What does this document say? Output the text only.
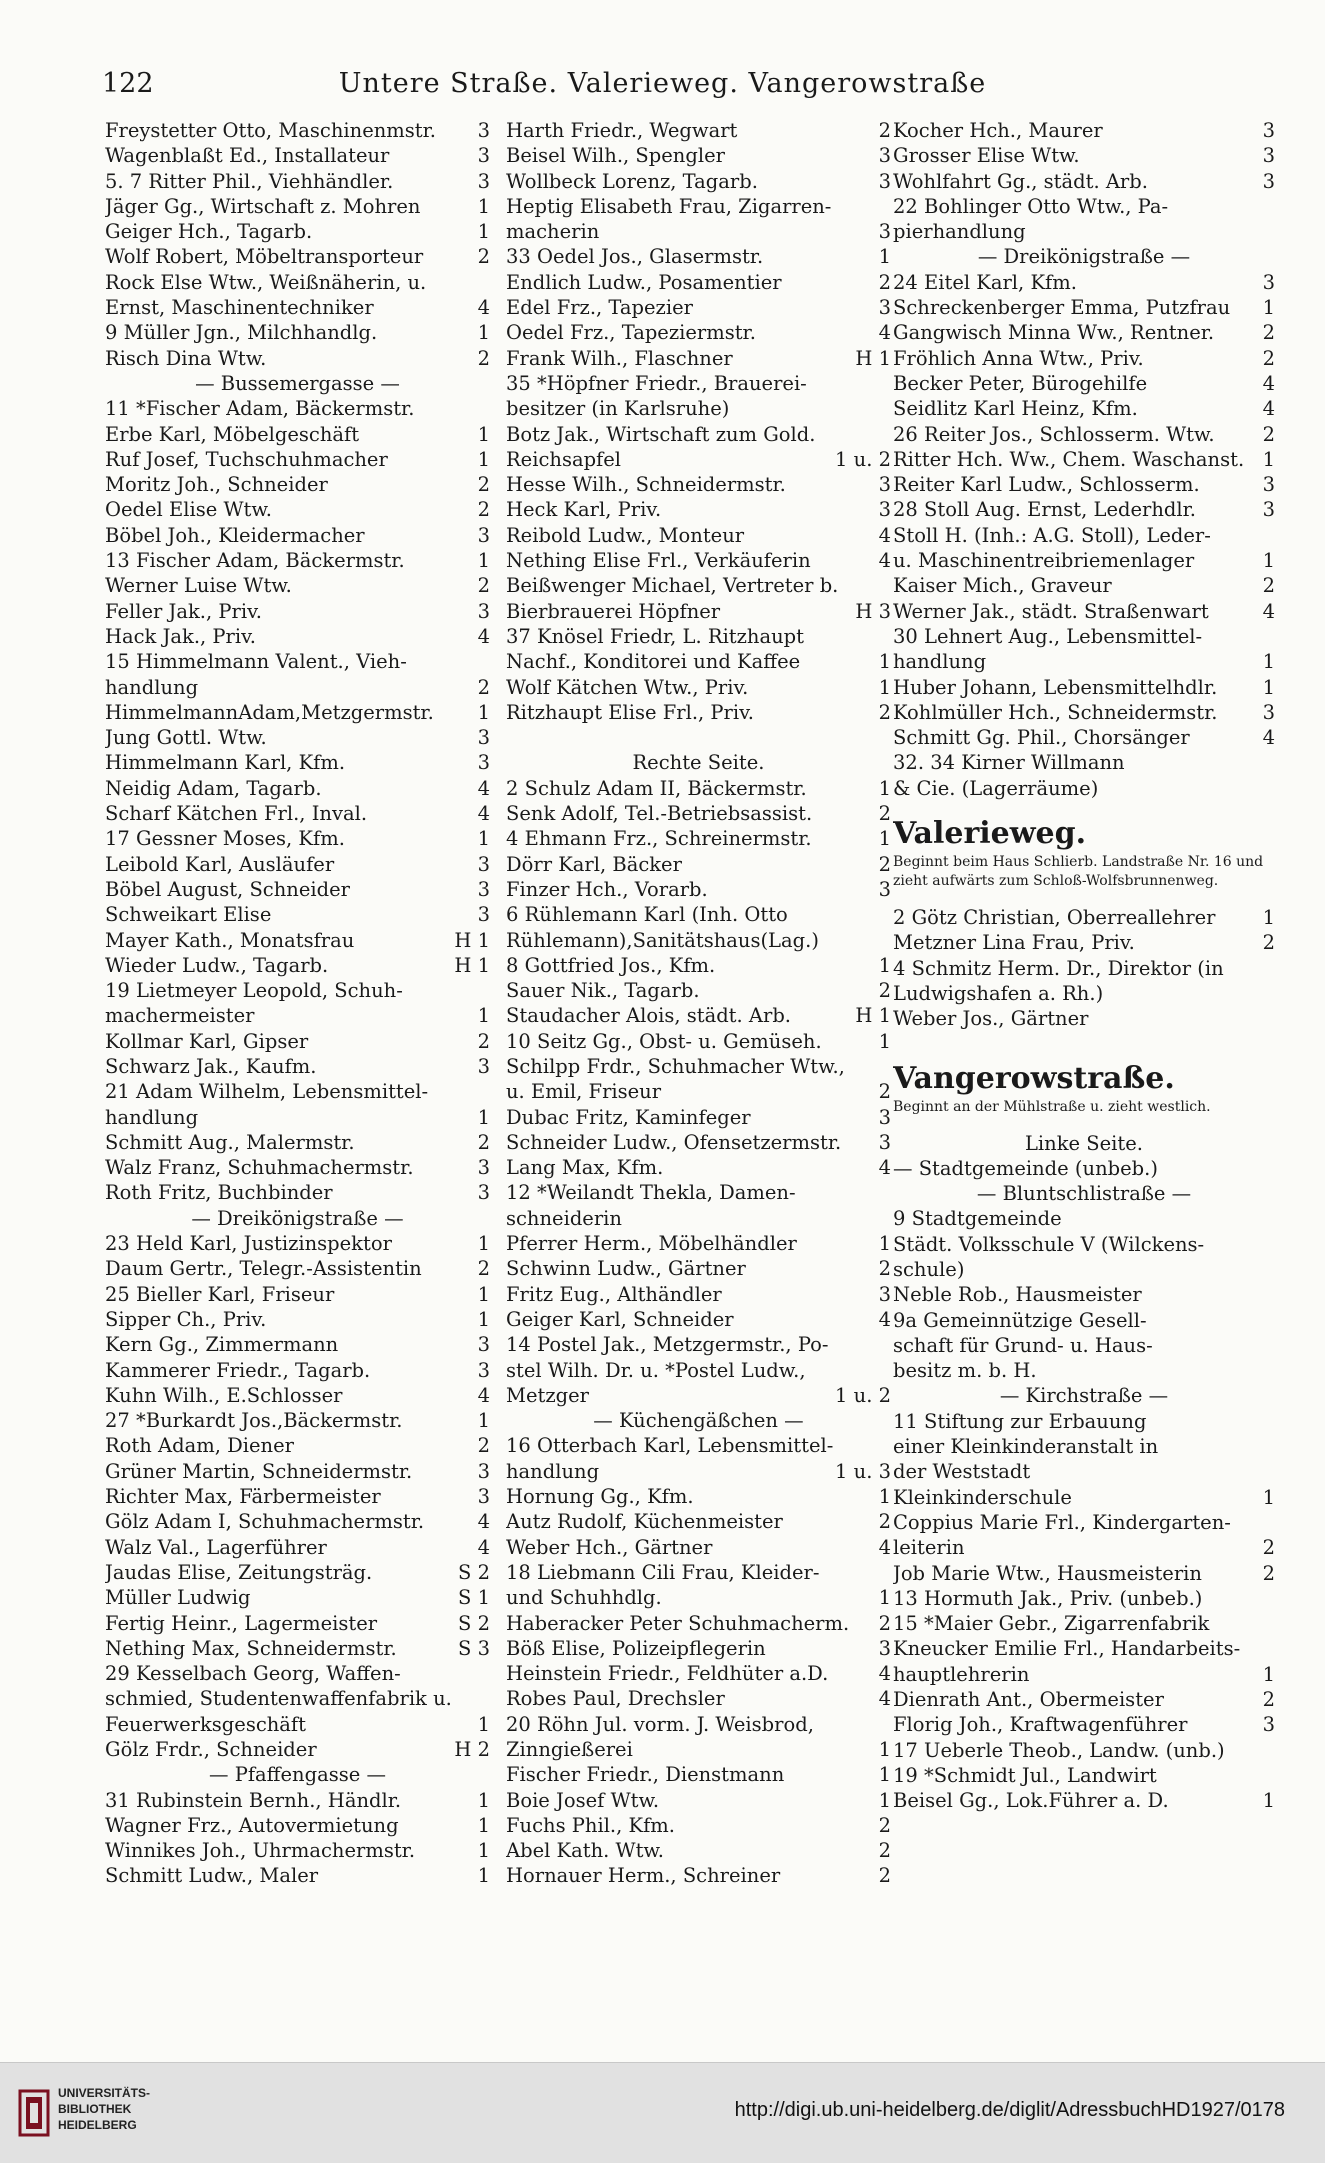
122	Untere Straße. Valerieweg. Vangerowstraße
Freystetter Otto, Maschinenmstr. 3
Wagenblaßt Ed., Installateur	3
5. 7 Ritter Phil., Viehhändler.	3
Jäger Gg., Wirtschaft z. Mohren	1
Geiger Hch., Tagarb.	1
Wolf Robert, Möbeltransporteur	2
Rock Else Wtw., Weißnäherin, u.
Ernst, Maschinentechniker	4
9 Müller Jgn., Milchhandlg.	1
Risch Dina Wtw.	2
— Bussemergasse —
11 *Fischer Adam, Bäckermstr.
Erbe Karl, Möbelgeschäft	1
Ruf Josef, Tuchschuhmacher	1
Moritz Joh., Schneider	2
Oedel Elise Wtw.	2
Böbel Joh., Kleidermacher	3
13 Fischer Adam, Bäckermstr.	1
Werner Luise Wtw.	2
Feller Jak., Priv.	3
Hack Jak., Priv.	4
15 Himmelmann Valent., Vieh-
handlung	2
HimmelmannAdam,Metzgermstr. 1
Jung Gottl. Wtw.	3
Himmelmann Karl, Kfm.	3
Neidig Adam, Tagarb.	4
Scharf Kätchen Frl., Inval.	4
17 Gessner Moses, Kfm.	1
Leibold Karl, Ausläufer	3
Böbel August, Schneider	3
Schweikart Elise	3
Mayer Kath., Monatsfrau	H 1
Wieder Ludw., Tagarb.	H 1
19 Lietmeyer Leopold, Schuh-
machermeister	1
Kollmar Karl, Gipser	2
Schwarz Jak., Kaufm.	3
21 Adam Wilhelm, Lebensmittel-
handlung	1
Schmitt Aug., Malermstr.	2
Walz Franz, Schuhmachermstr.	3
Roth Fritz, Buchbinder	3
— Dreikönigstraße —
23 Held Karl, Justizinspektor	1
Daum Gertr., Telegr.-Assistentin	2
25 Bieller Karl, Friseur	1
Sipper Ch., Priv.	1
Kern Gg., Zimmermann	3
Kammerer Friedr., Tagarb.	3
Kuhn Wilh., E.Schlosser	4
27 *Burkardt Jos.,Bäckermstr.	1
Roth Adam, Diener	2
Grüner Martin, Schneidermstr.	3
Richter Max, Färbermeister	3
Gölz Adam I, Schuhmachermstr.	4
Walz Val., Lagerführer	4
Jaudas Elise, Zeitungsträg.	S 2
Müller Ludwig	S 1
Fertig Heinr., Lagermeister	S 2
Nething Max, Schneidermstr.	S 3
29 Kesselbach Georg, Waffen-
schmied, Studentenwaffenfabrik u.
Feuerwerksgeschäft	1
Gölz Frdr., Schneider	H 2
— Pfaffengasse —
31 Rubinstein Bernh., Händlr.	1
Wagner Frz., Autovermietung	1
Winnikes Joh., Uhrmachermstr.	1
Schmitt Ludw., Maler	1
Harth Friedr., Wegwart	2
Beisel Wilh., Spengler	3
Wollbeck Lorenz, Tagarb.	3
Heptig Elisabeth Frau, Zigarren-
macherin	3
33 Oedel Jos., Glasermstr.	1
Endlich Ludw., Posamentier	2
Edel Frz., Tapezier	3
Oedel Frz., Tapeziermstr.	4
Frank Wilh., Flaschner	H 1
35 *Höpfner Friedr., Brauerei-
besitzer (in Karlsruhe)
Botz Jak., Wirtschaft zum Gold.
Reichsapfel	1 u. 2
Hesse Wilh., Schneidermstr.	3
Heck Karl, Priv.	3
Reibold Ludw., Monteur	4
Nething Elise Frl., Verkäuferin	4
Beißwenger Michael, Vertreter b.
Bierbrauerei Höpfner	H 3
37 Knösel Friedr, L. Ritzhaupt
Nachf., Konditorei und Kaffee	1
Wolf Kätchen Wtw., Priv.	1
Ritzhaupt Elise Frl., Priv.	2
Rechte Seite.
2 Schulz Adam II, Bäckermstr.	1
Senk Adolf, Tel.-Betriebsassist.	2
4 Ehmann Frz., Schreinermstr.	1
Dörr Karl, Bäcker	2
Finzer Hch., Vorarb.	3
6 Rühlemann Karl (Inh. Otto
Rühlemann),Sanitätshaus(Lag.)
8 Gottfried Jos., Kfm.	1
Sauer Nik., Tagarb.	2
Staudacher Alois, städt. Arb.	H 1
10 Seitz Gg., Obst- u. Gemüseh.	1
Schilpp Frdr., Schuhmacher Wtw.,
u. Emil, Friseur	2
Dubac Fritz, Kaminfeger	3
Schneider Ludw., Ofensetzermstr. 3
Lang Max, Kfm.	4
12 *Weilandt Thekla, Damen-
schneiderin
Pferrer Herm., Möbelhändler	1
Schwinn Ludw., Gärtner	2
Fritz Eug., Althändler	3
Geiger Karl, Schneider	4
14 Postel Jak., Metzgermstr., Po-
stel Wilh. Dr. u. *Postel Ludw.,
Metzger	1 u. 2
— Küchengäßchen —
16 Otterbach Karl, Lebensmittel-
handlung	1 u. 3
Hornung Gg., Kfm.	1
Autz Rudolf, Küchenmeister	2
Weber Hch., Gärtner	4
18 Liebmann Cili Frau, Kleider-
und Schuhhdlg.	1
Haberacker Peter Schuhmacherm. 2
Böß Elise, Polizeipflegerin	3
Heinstein Friedr., Feldhüter a.D.	4
Robes Paul, Drechsler	4
20 Röhn Jul. vorm. J. Weisbrod,
Zinngießerei	1
Fischer Friedr., Dienstmann	1
Boie Josef Wtw.	1
Fuchs Phil., Kfm.	2
Abel Kath. Wtw.	2
Hornauer Herm., Schreiner	2
Kocher Hch., Maurer	3
Grosser Elise Wtw.	3
Wohlfahrt Gg., städt. Arb.	3
22 Bohlinger Otto Wtw., Pa-
pierhandlung
— Dreikönigstraße —
24 Eitel Karl, Kfm.	3
Schreckenberger Emma, Putzfrau 1
Gangwisch Minna Ww., Rentner. 2
Fröhlich Anna Wtw., Priv.	2
Becker Peter, Bürogehilfe	4
Seidlitz Karl Heinz, Kfm.	4
26 Reiter Jos., Schlosserm. Wtw. 2
Ritter Hch. Ww., Chem. Waschanst. 1
Reiter Karl Ludw., Schlosserm.	3
28 Stoll Aug. Ernst, Lederhdlr.	3
Stoll H. (Inh.: A.G. Stoll), Leder-
u. Maschinentreibriemenlager	1
Kaiser Mich., Graveur	2
Werner Jak., städt. Straßenwart	4
30 Lehnert Aug., Lebensmittel-
handlung	1
Huber Johann, Lebensmittelhdlr. 1
Kohlmüller Hch., Schneidermstr. 3
Schmitt Gg. Phil., Chorsänger	4
32. 34 Kirner Willmann
& Cie. (Lagerräume)
Valerieweg.
Beginnt beim Haus Schlierb. Landstraße Nr. 16 und zieht aufwärts zum Schloß-Wolfsbrunnenweg.
2 Götz Christian, Oberreallehrer 1
Metzner Lina Frau, Priv.	2
4 Schmitz Herm. Dr., Direktor (in
Ludwigshafen a. Rh.)
Weber Jos., Gärtner
Vangerowstraße.
Beginnt an der Mühlstraße u. zieht westlich.
Linke Seite.
— Stadtgemeinde (unbeb.)
— Bluntschlistraße —
9 Stadtgemeinde
Städt. Volksschule V (Wilckens-
schule)
Neble Rob., Hausmeister
9a Gemeinnützige Gesell-
schaft für Grund- u. Haus-
besitz m. b. H.
— Kirchstraße —
11 Stiftung zur Erbauung
einer Kleinkinderanstalt in
der Weststadt
Kleinkinderschule	1
Coppius Marie Frl., Kindergarten-
leiterin	2
Job Marie Wtw., Hausmeisterin	2
13 Hormuth Jak., Priv. (unbeb.)
15 *Maier Gebr., Zigarrenfabrik
Kneucker Emilie Frl., Handarbeits-
hauptlehrerin	1
Dienrath Ant., Obermeister	2
Florig Joh., Kraftwagenführer	3
17 Ueberle Theob., Landw. (unb.)
19 *Schmidt Jul., Landwirt
Beisel Gg., Lok.Führer a. D.	1
UNIVERSITÄTS-
BIBLIOTHEK
HEIDELBERG
http://digi.ub.uni-heidelberg.de/diglit/AdressbuchHD1927/0178
